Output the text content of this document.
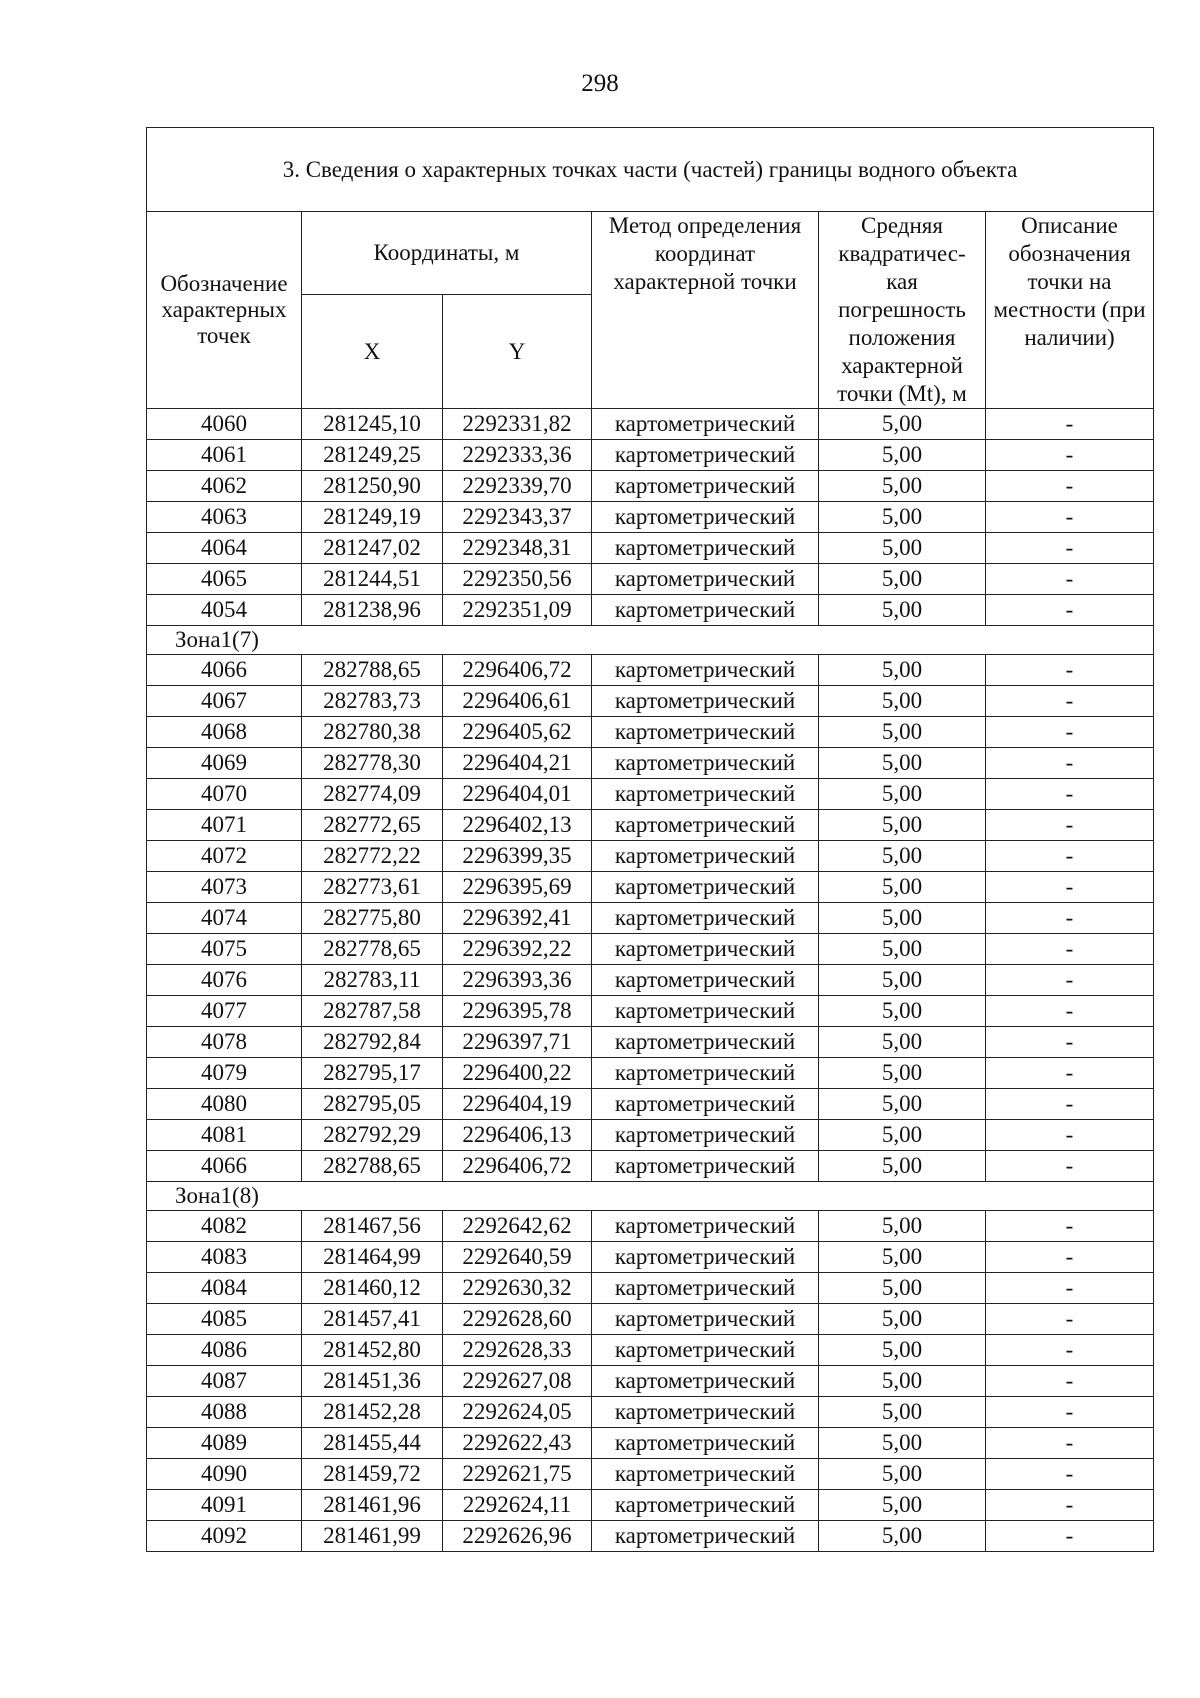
298
3. Сведения о характерных точках части (частей) границы водного объекта					
Обозначение характерных точек	Координаты, м		Метод определения координат характерной точки	Средняя квадратичес-кая погрешность положения характерной точки (Mt), м	Описание обозначения точки на местности (при наличии)
	X	Y			
4060	281245,10	2292331,82	картометрический	5,00	-
4061	281249,25	2292333,36	картометрический	5,00	-
4062	281250,90	2292339,70	картометрический	5,00	-
4063	281249,19	2292343,37	картометрический	5,00	-
4064	281247,02	2292348,31	картометрический	5,00	-
4065	281244,51	2292350,56	картометрический	5,00	-
4054	281238,96	2292351,09	картометрический	5,00	-
Зона1(7)					
4066	282788,65	2296406,72	картометрический	5,00	-
4067	282783,73	2296406,61	картометрический	5,00	-
4068	282780,38	2296405,62	картометрический	5,00	-
4069	282778,30	2296404,21	картометрический	5,00	-
4070	282774,09	2296404,01	картометрический	5,00	-
4071	282772,65	2296402,13	картометрический	5,00	-
4072	282772,22	2296399,35	картометрический	5,00	-
4073	282773,61	2296395,69	картометрический	5,00	-
4074	282775,80	2296392,41	картометрический	5,00	-
4075	282778,65	2296392,22	картометрический	5,00	-
4076	282783,11	2296393,36	картометрический	5,00	-
4077	282787,58	2296395,78	картометрический	5,00	-
4078	282792,84	2296397,71	картометрический	5,00	-
4079	282795,17	2296400,22	картометрический	5,00	-
4080	282795,05	2296404,19	картометрический	5,00	-
4081	282792,29	2296406,13	картометрический	5,00	-
4066	282788,65	2296406,72	картометрический	5,00	-
Зона1(8)					
4082	281467,56	2292642,62	картометрический	5,00	-
4083	281464,99	2292640,59	картометрический	5,00	-
4084	281460,12	2292630,32	картометрический	5,00	-
4085	281457,41	2292628,60	картометрический	5,00	-
4086	281452,80	2292628,33	картометрический	5,00	-
4087	281451,36	2292627,08	картометрический	5,00	-
4088	281452,28	2292624,05	картометрический	5,00	-
4089	281455,44	2292622,43	картометрический	5,00	-
4090	281459,72	2292621,75	картометрический	5,00	-
4091	281461,96	2292624,11	картометрический	5,00	-
4092	281461,99	2292626,96	картометрический	5,00	-
